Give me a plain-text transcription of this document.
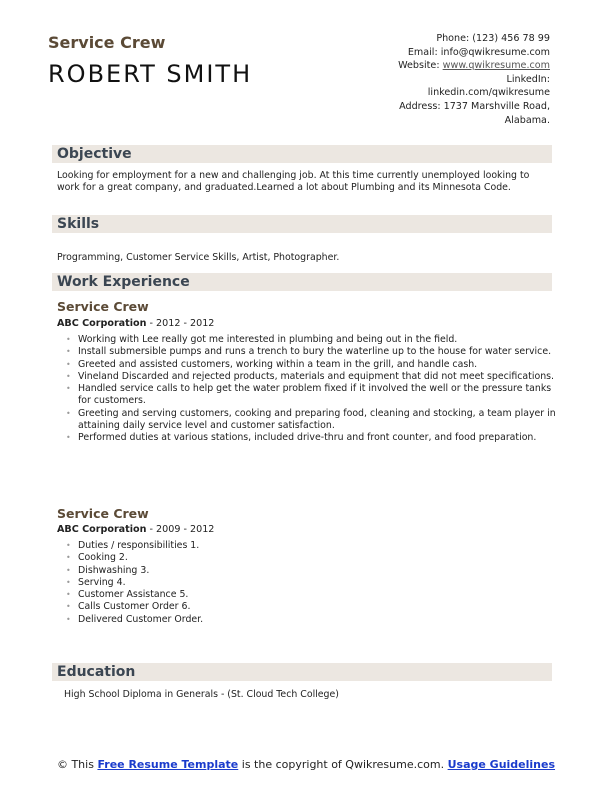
Service Crew
ROBERT SMITH
Phone: (123) 456 78 99
Email: info@qwikresume.com
Website: www.qwikresume.com
LinkedIn:
linkedin.com/qwikresume
Address: 1737 Marshville Road,
Alabama.
Objective
Looking for employment for a new and challenging job. At this time currently unemployed looking to work for a great company, and graduated.Learned a lot about Plumbing and its Minnesota Code.
Skills
Programming, Customer Service Skills, Artist, Photographer.
Work Experience
Service Crew
ABC Corporation - 2012 - 2012
• Working with Lee really got me interested in plumbing and being out in the field.
• Install submersible pumps and runs a trench to bury the waterline up to the house for water service.
• Greeted and assisted customers, working within a team in the grill, and handle cash.
• Vineland Discarded and rejected products, materials and equipment that did not meet specifications.
• Handled service calls to help get the water problem fixed if it involved the well or the pressure tanks for customers.
• Greeting and serving customers, cooking and preparing food, cleaning and stocking, a team player in attaining daily service level and customer satisfaction.
• Performed duties at various stations, included drive-thru and front counter, and food preparation.
Service Crew
ABC Corporation - 2009 - 2012
• Duties / responsibilities 1.
• Cooking 2.
• Dishwashing 3.
• Serving 4.
• Customer Assistance 5.
• Calls Customer Order 6.
• Delivered Customer Order.
Education
High School Diploma in Generals - (St. Cloud Tech College)
© This Free Resume Template is the copyright of Qwikresume.com. Usage Guidelines
